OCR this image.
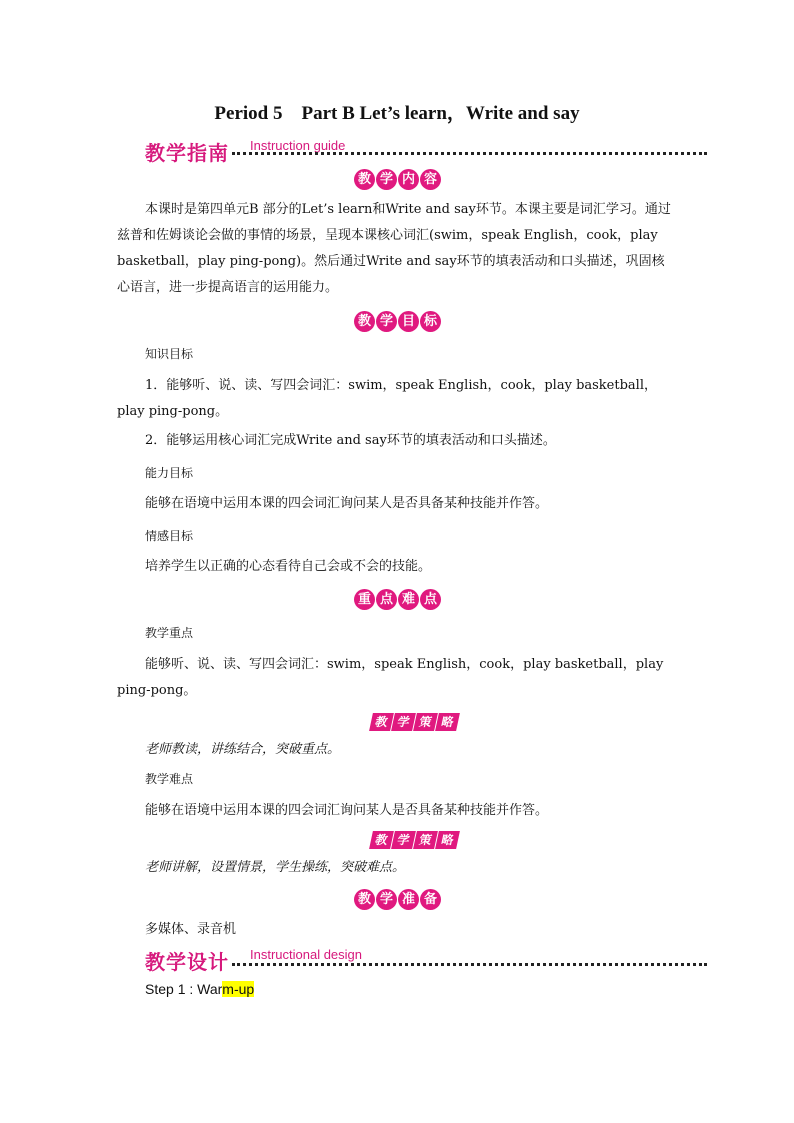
Period 5　Part B Let’s learn，Write and say
教学指南 Instruction guide
教 学 内 容
本课时是第四单元B 部分的Let’s learn和Write and say环节。本课主要是词汇学习。通过兹普和佐姆谈论会做的事情的场景，呈现本课核心词汇(swim，speak English，cook，play basketball，play ping-pong)。然后通过Write and say环节的填表活动和口头描述，巩固核心语言，进一步提高语言的运用能力。
教 学 目 标
知识目标
1．能够听、说、读、写四会词汇：swim，speak English，cook，play basketball，play ping-pong。
2．能够运用核心词汇完成Write and say环节的填表活动和口头描述。
能力目标
能够在语境中运用本课的四会词汇询问某人是否具备某种技能并作答。
情感目标
培养学生以正确的心态看待自己会或不会的技能。
重 点 难 点
教学重点
能够听、说、读、写四会词汇：swim，speak English，cook，play basketball，play ping-pong。
教 学 策 略
老师教读，讲练结合，突破重点。
教学难点
能够在语境中运用本课的四会词汇询问某人是否具备某种技能并作答。
教 学 策 略
老师讲解，设置情景，学生操练，突破难点。
教 学 准 备
多媒体、录音机
教学设计 Instructional design
Step 1 : Warm-up
